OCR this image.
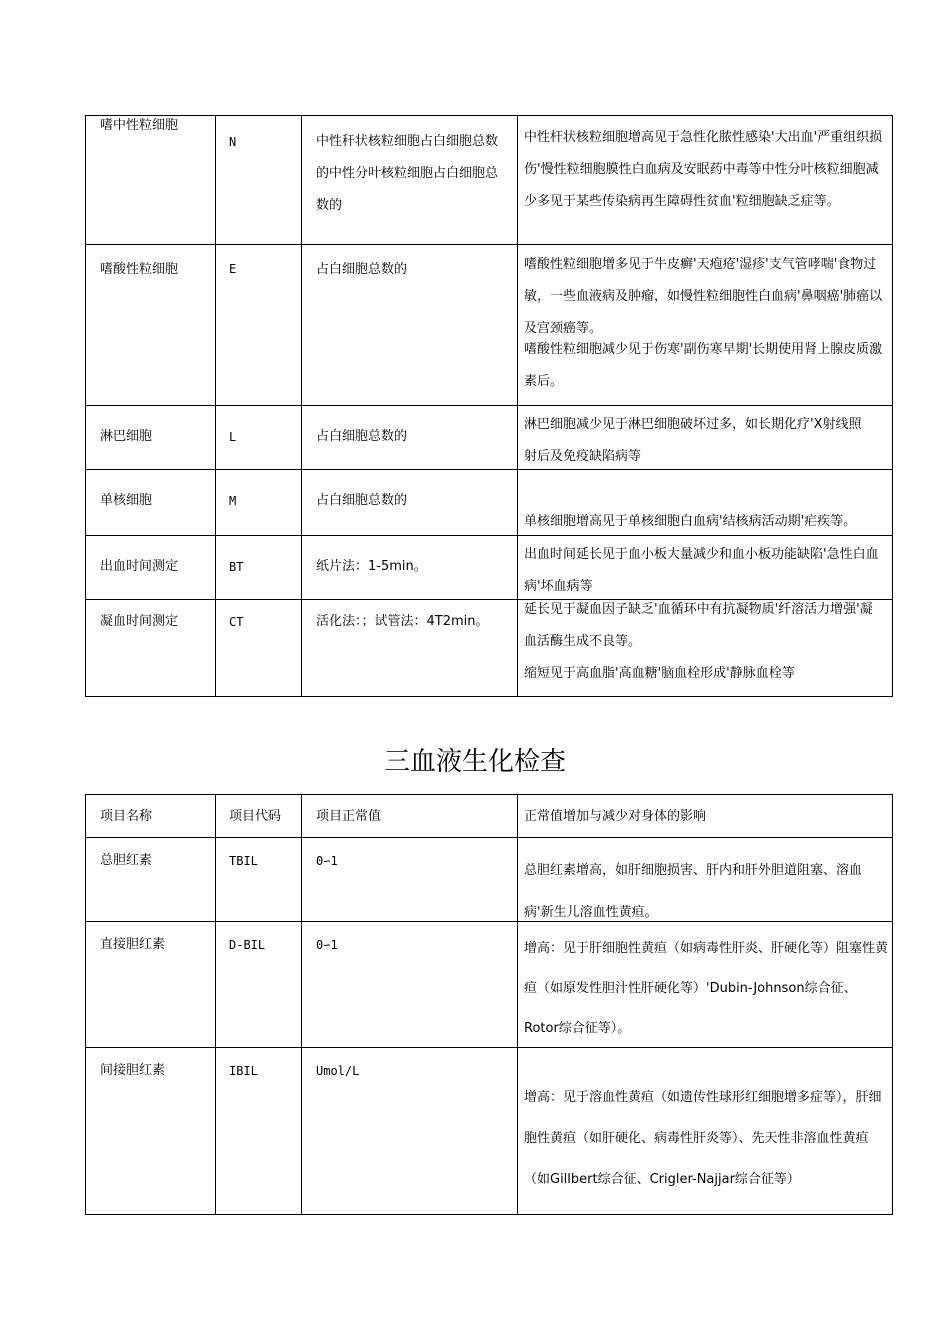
嗜中性粒细胞	N	中性秆状核粒细胞占白细胞总数的中性分叶核粒细胞占白细胞总数的	中性杆状核粒细胞增高见于急性化脓性感染'大出血'严重组织损伤'慢性粒细胞膜性白血病及安眠药中毒等中性分叶核粒细胞减少多见于某些传染病再生障碍性贫血'粒细胞缺乏症等。

嗜酸性粒细胞	E	占白细胞总数的	嗜酸性粒细胞增多见于牛皮癣'天疱疮'湿疹'支气管哮喘'食物过敏，一些血液病及肿瘤，如慢性粒细胞性白血病'鼻咽癌'肺癌以及宫颈癌等。
嗜酸性粒细胞减少见于伤寒'副伤寒早期'长期使用肾上腺皮质激素后。

淋巴细胞	L	占白细胞总数的	淋巴细胞减少见于淋巴细胞破坏过多，如长期化疗'X射线照射后及免疫缺陷病等

单核细胞	M	占白细胞总数的	单核细胞增高见于单核细胞白血病'结核病活动期'疟疾等。

出血时间测定	BT	纸片法：1-5min。	出血时间延长见于血小板大量减少和血小板功能缺陷'急性白血病'坏血病等

凝血时间测定	CT	活化法：；试管法：4T2min。	延长见于凝血因子缺乏'血循环中有抗凝物质'纤溶活力增强'凝血活酶生成不良等。
缩短见于高血脂'高血糖'脑血栓形成'静脉血栓等
三血液生化检查
项目名称	项目代码	项目正常值	正常值增加与减少对身体的影响

总胆红素	TBIL	0∽1	总胆红素增高，如肝细胞损害、肝内和肝外胆道阻塞、溶血病'新生儿溶血性黄疸。

直接胆红素	D-BIL	0∽1	增高：见于肝细胞性黄疸（如病毒性肝炎、肝硬化等）阻塞性黄疸（如原发性胆汁性肝硬化等）'Dubin-Johnson综合征、Rotor综合征等）。

间接胆红素	IBIL	Umol/L	增高：见于溶血性黄疸（如遗传性球形红细胞增多症等），肝细胞性黄疸（如肝硬化、病毒性肝炎等）、先天性非溶血性黄疸（如Gillbert综合征、Crigler-Najjar综合征等）
